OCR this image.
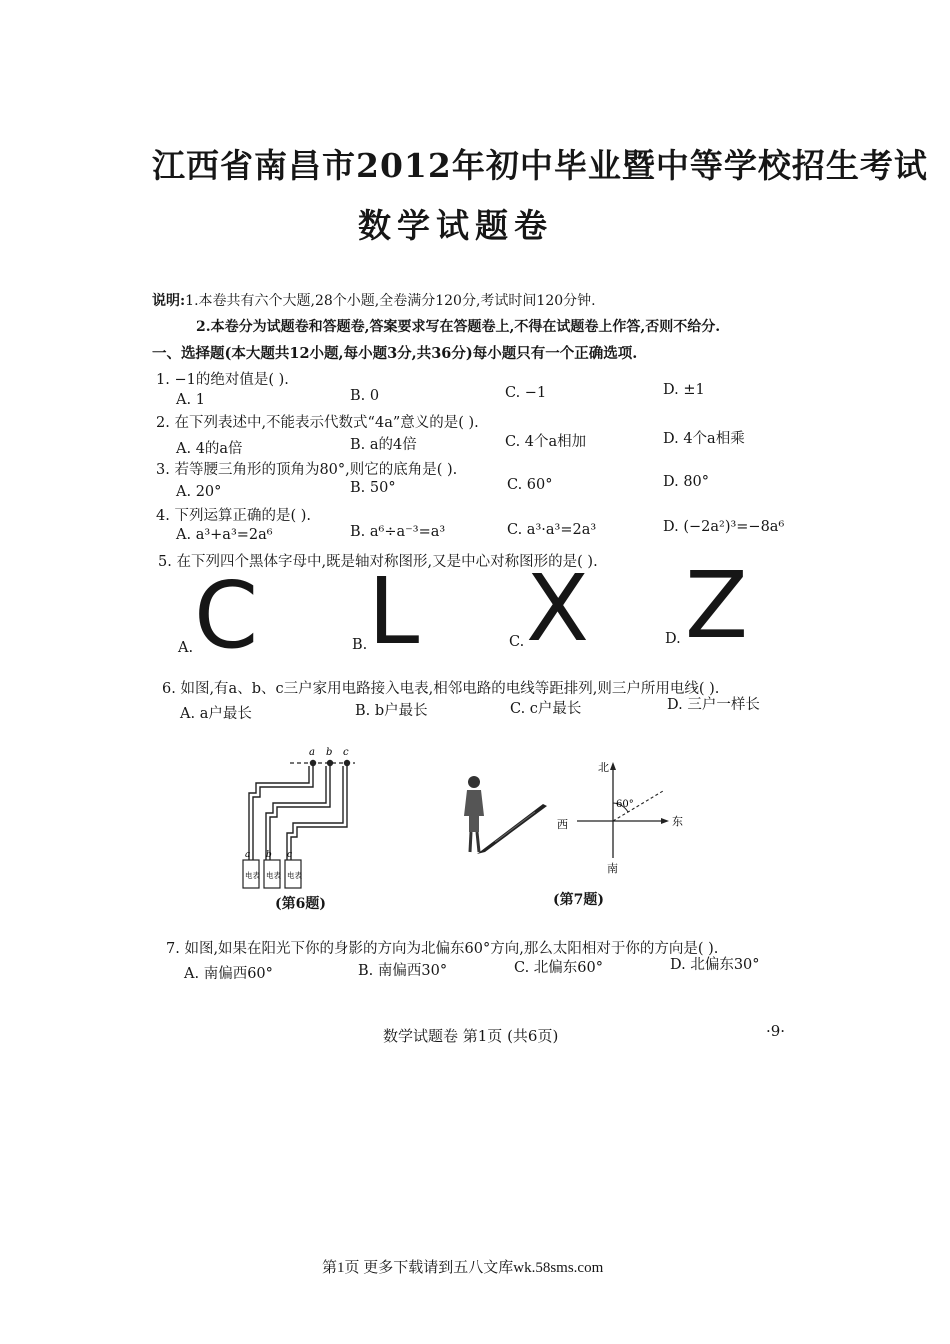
江西省南昌市2012年初中毕业暨中等学校招生考试
数学试题卷
说明:1.本卷共有六个大题,28个小题,全卷满分120分,考试时间120分钟.
2.本卷分为试题卷和答题卷,答案要求写在答题卷上,不得在试题卷上作答,否则不给分.
一、选择题(本大题共12小题,每小题3分,共36分)每小题只有一个正确选项.
1. −1的绝对值是( ).
A. 1	B. 0	C. −1	D. ±1
2. 在下列表述中,不能表示代数式“4a”意义的是( ).
A. 4的a倍	B. a的4倍	C. 4个a相加	D. 4个a相乘
3. 若等腰三角形的顶角为80°,则它的底角是( ).
A. 20°	B. 50°	C. 60°	D. 80°
4. 下列运算正确的是( ).
A. a³+a³=2a⁶	B. a⁶÷a⁻³=a³	C. a³·a³=2a³	D. (−2a²)³=−8a⁶
5. 在下列四个黑体字母中,既是轴对称图形,又是中心对称图形的是( ).
A. C	B. L	C. X	D. Z
6. 如图,有a、b、c三户家用电路接入电表,相邻电路的电线等距排列,则三户所用电线( ).
A. a户最长	B. b户最长	C. c户最长	D. 三户一样长
a b c
a b c
电表 电表 电表
(第6题)
北
南
东
西
60°
(第7题)
7. 如图,如果在阳光下你的身影的方向为北偏东60°方向,那么太阳相对于你的方向是( ).
A. 南偏西60°	B. 南偏西30°	C. 北偏东60°	D. 北偏东30°
数学试题卷 第1页 (共6页)	·9·
第1页 更多下载请到五八文库wk.58sms.com
